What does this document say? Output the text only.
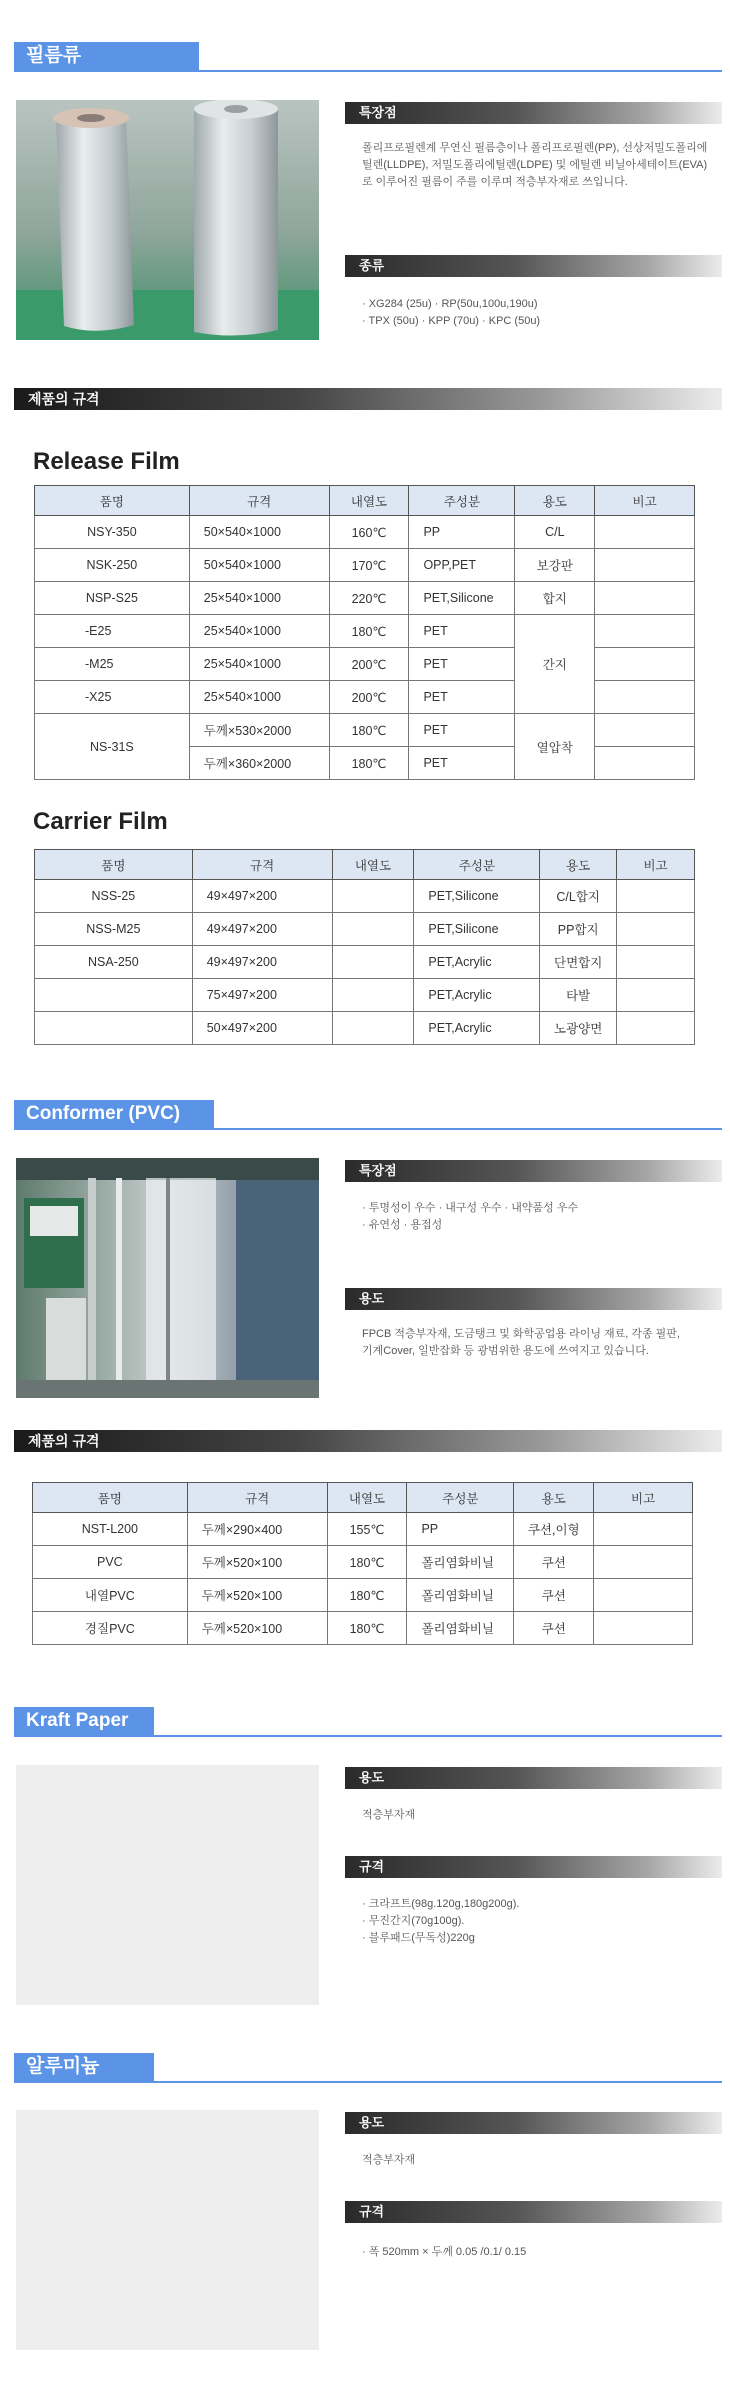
필름류
특장점
폴리프로필렌계 무연신 필름층이나 폴리프로필렌(PP), 선상저밀도폴리에틸렌(LLDPE), 저밀도폴리에틸렌(LDPE) 및 에틸렌 비닐아세테이트(EVA)로 이루어진 필름이 주를 이루며 적층부자재로 쓰입니다.
종류
· XG284 (25u) · RP(50u,100u,190u)
· TPX (50u) · KPP (70u) · KPC (50u)
제품의 규격
Release Film
품명	규격	내열도	주성분	용도	비고
NSY-350	50×540×1000	160℃	PP	C/L	
NSK-250	50×540×1000	170℃	OPP,PET	보강판	
NSP-S25	25×540×1000	220℃	PET,Silicone	합지	
-E25	25×540×1000	180℃	PET	간지	
-M25	25×540×1000	200℃	PET		
-X25	25×540×1000	200℃	PET		
NS-31S	두께×530×2000	180℃	PET	열압착	
	두께×360×2000	180℃	PET		
Carrier Film
품명	규격	내열도	주성분	용도	비고
NSS-25	49×497×200		PET,Silicone	C/L합지	
NSS-M25	49×497×200		PET,Silicone	PP합지	
NSA-250	49×497×200		PET,Acrylic	단면합지	
	75×497×200		PET,Acrylic	타발	
	50×497×200		PET,Acrylic	노광양면	
Conformer (PVC)
특장점
· 투명성이 우수 · 내구성 우수 · 내약품성 우수
· 유연성 · 용접성
용도
FPCB 적층부자재, 도금탱크 및 화학공업용 라이닝 재료, 각종 필판, 기계Cover, 일반잡화 등 광범위한 용도에 쓰여지고 있습니다.
제품의 규격
품명	규격	내열도	주성분	용도	비고
NST-L200	두께×290×400	155℃	PP	쿠션,이형	
PVC	두께×520×100	180℃	폴리염화비닐	쿠션	
내열PVC	두께×520×100	180℃	폴리염화비닐	쿠션	
경질PVC	두께×520×100	180℃	폴리염화비닐	쿠션	
Kraft Paper
용도
적층부자재
규격
· 크라프트(98g.120g,180g200g).
· 무진간지(70g100g).
· 블루패드(무독성)220g
알루미늄
용도
적층부자재
규격
· 폭 520mm × 두께 0.05 /0.1/ 0.15
